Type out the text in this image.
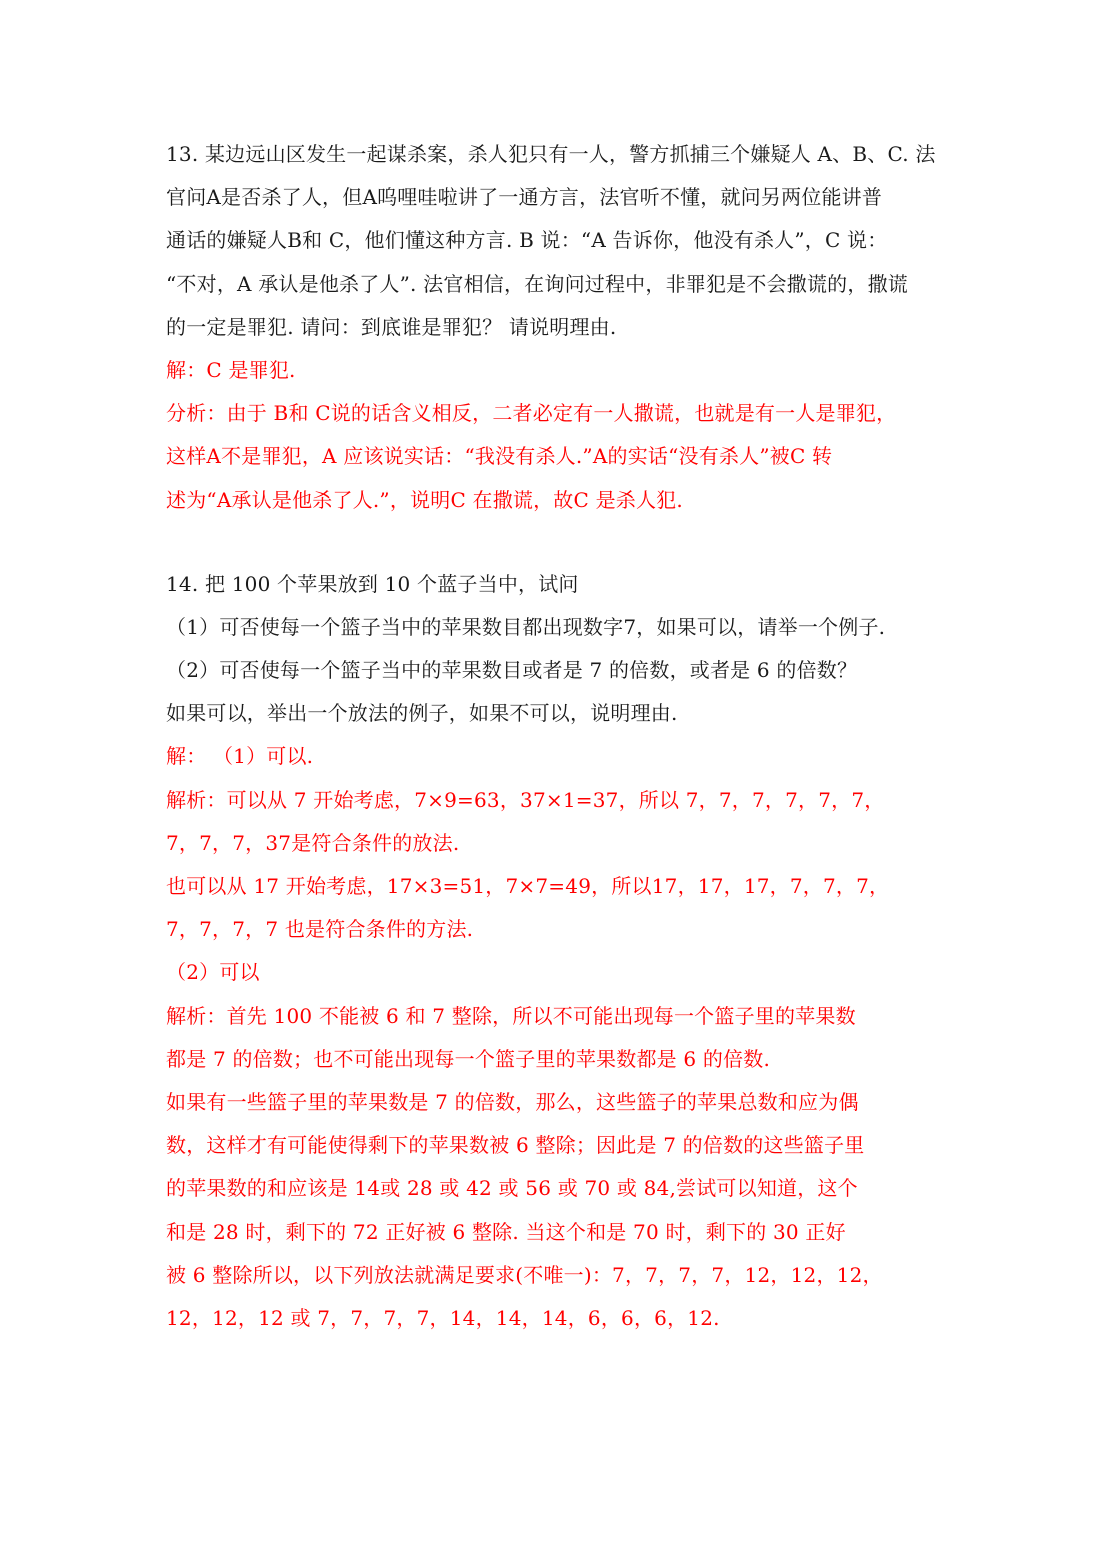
13. 某边远山区发生一起谋杀案，杀人犯只有一人，警方抓捕三个嫌疑人 A、B、C. 法
官问A是否杀了人，但A呜哩哇啦讲了一通方言，法官听不懂，就问另两位能讲普
通话的嫌疑人B和 C，他们懂这种方言. B 说：“A 告诉你，他没有杀人”，C 说：
“不对，A 承认是他杀了人”. 法官相信，在询问过程中，非罪犯是不会撒谎的，撒谎
的一定是罪犯. 请问：到底谁是罪犯？ 请说明理由.
解：C 是罪犯.
分析：由于 B和 C说的话含义相反，二者必定有一人撒谎，也就是有一人是罪犯，
这样A不是罪犯，A 应该说实话：“我没有杀人.”A的实话“没有杀人”被C 转
述为“A承认是他杀了人.”，说明C 在撒谎，故C 是杀人犯.
14. 把 100 个苹果放到 10 个蓝子当中，试问
（1）可否使每一个篮子当中的苹果数目都出现数字7，如果可以，请举一个例子.
（2）可否使每一个篮子当中的苹果数目或者是 7 的倍数，或者是 6 的倍数？
如果可以，举出一个放法的例子，如果不可以，说明理由.
解： （1）可以.
解析：可以从 7 开始考虑，7×9=63，37×1=37，所以 7，7，7，7，7，7，
7，7，7，37是符合条件的放法.
也可以从 17 开始考虑，17×3=51，7×7=49，所以17，17，17，7，7，7，
7，7，7，7 也是符合条件的方法.
（2）可以
解析：首先 100 不能被 6 和 7 整除，所以不可能出现每一个篮子里的苹果数
都是 7 的倍数；也不可能出现每一个篮子里的苹果数都是 6 的倍数.
如果有一些篮子里的苹果数是 7 的倍数，那么，这些篮子的苹果总数和应为偶
数，这样才有可能使得剩下的苹果数被 6 整除；因此是 7 的倍数的这些篮子里
的苹果数的和应该是 14或 28 或 42 或 56 或 70 或 84,尝试可以知道，这个
和是 28 时，剩下的 72 正好被 6 整除. 当这个和是 70 时，剩下的 30 正好
被 6 整除所以，以下列放法就满足要求(不唯一)：7，7，7，7，12，12，12，
12，12，12 或 7，7，7，7，14，14，14，6，6，6，12.
